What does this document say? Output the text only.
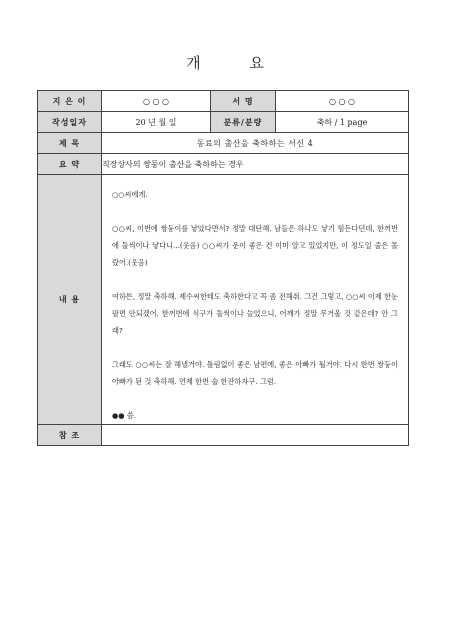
개 요
지 은 이	○ ○ ○	서 명	○ ○ ○
작성일자	20 년 월 일	분류/분량	축하 / 1 page
제 목	동료의 출산을 축하하는 서신 4		
요 약	직장상사의 쌍둥이 출산을 축하하는 경우		
내 용	○○씨에게.

○○씨, 이번에 쌍둥이를 낳았다면서? 정말 대단해. 남들은 하나도 낳기 힘든다던데, 한꺼번에 둘씩이나 낳다니...(웃음) ○○씨가 운이 좋은 건 이미 알고 있었지만, 이 정도일 줄은 몰랐어.(웃음)

여하튼, 정말 축하해. 제수씨한테도 축하한다고 꼭 좀 전해줘. 그건 그렇고, ○○씨 이제 한눈팔면 안되겠어. 한꺼번에 식구가 둘씩이나 늘었으니, 어깨가 정말 무거울 것 같은데? 안 그래?

그래도 ○○씨는 잘 해낼거야. 틀림없이 좋은 남편에, 좋은 아빠가 될거야. 다시 한번 쌍둥이 아빠가 된 것 축하해. 언제 한번 술 한잔하자구. 그럼.

●● 씀.		

참 조			
